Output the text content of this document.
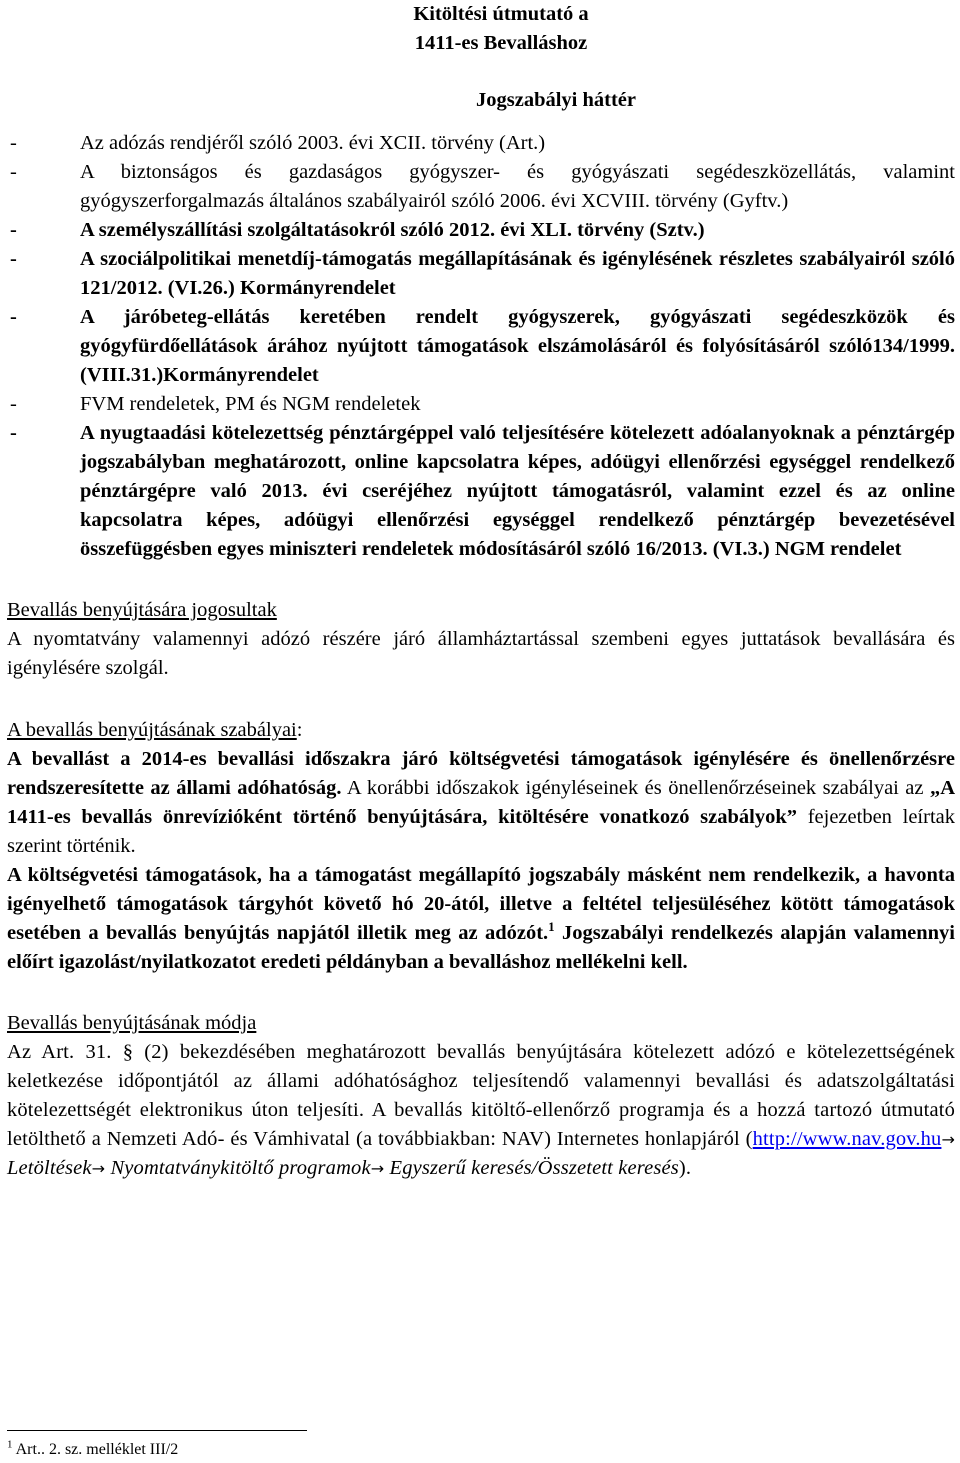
Kitöltési útmutató a
1411-es Bevalláshoz
Jogszabályi háttér
-	Az adózás rendjéről szóló 2003. évi XCII. törvény (Art.)
-	A biztonságos és gazdaságos gyógyszer- és gyógyászati segédeszközellátás, valamint gyógyszerforgalmazás általános szabályairól szóló 2006. évi XCVIII. törvény (Gyftv.)
-	A személyszállítási szolgáltatásokról szóló 2012. évi XLI. törvény (Sztv.)
-	A szociálpolitikai menetdíj-támogatás megállapításának és igénylésének részletes szabályairól szóló 121/2012. (VI.26.) Kormányrendelet
-	A járóbeteg-ellátás keretében rendelt gyógyszerek, gyógyászati segédeszközök és gyógyfürdőellátások árához nyújtott támogatások elszámolásáról és folyósításáról szóló134/1999.(VIII.31.)Kormányrendelet
-	FVM rendeletek, PM és NGM rendeletek
-	A nyugtaadási kötelezettség pénztárgéppel való teljesítésére kötelezett adóalanyoknak a pénztárgép jogszabályban meghatározott, online kapcsolatra képes, adóügyi ellenőrzési egységgel rendelkező pénztárgépre való 2013. évi cseréjéhez nyújtott támogatásról, valamint ezzel és az online kapcsolatra képes, adóügyi ellenőrzési egységgel rendelkező pénztárgép bevezetésével összefüggésben egyes miniszteri rendeletek módosításáról szóló 16/2013. (VI.3.) NGM rendelet
Bevallás benyújtására jogosultak
A nyomtatvány valamennyi adózó részére járó államháztartással szembeni egyes juttatások bevallására és igénylésére szolgál.
A bevallás benyújtásának szabályai:
A bevallást a 2014-es bevallási időszakra járó költségvetési támogatások igénylésére és önellenőrzésre rendszeresítette az állami adóhatóság. A korábbi időszakok igényléseinek és önellenőrzéseinek szabályai az „A 1411-es bevallás önrevízióként történő benyújtására, kitöltésére vonatkozó szabályok” fejezetben leírtak szerint történik.
A költségvetési támogatások, ha a támogatást megállapító jogszabály másként nem rendelkezik, a havonta igényelhető támogatások tárgyhót követő hó 20-ától, illetve a feltétel teljesüléséhez kötött támogatások esetében a bevallás benyújtás napjától illetik meg az adózót.$^1$ Jogszabályi rendelkezés alapján valamennyi előírt igazolást/nyilatkozatot eredeti példányban a bevalláshoz mellékelni kell.
Bevallás benyújtásának módja
Az Art. 31. § (2) bekezdésében meghatározott bevallás benyújtására kötelezett adózó e kötelezettségének keletkezése időpontjától az állami adóhatósághoz teljesítendő valamennyi bevallási és adatszolgáltatási kötelezettségét elektronikus úton teljesíti. A bevallás kitöltő-ellenőrző programja és a hozzá tartozó útmutató letölthető a Nemzeti Adó- és Vámhivatal (a továbbiakban: NAV) Internetes honlapjáról (http://www.nav.gov.hu→ Letöltések→ Nyomtatványkitöltő programok→ Egyszerű keresés/Összetett keresés).
$^1$ Art.. 2. sz. melléklet III/2
